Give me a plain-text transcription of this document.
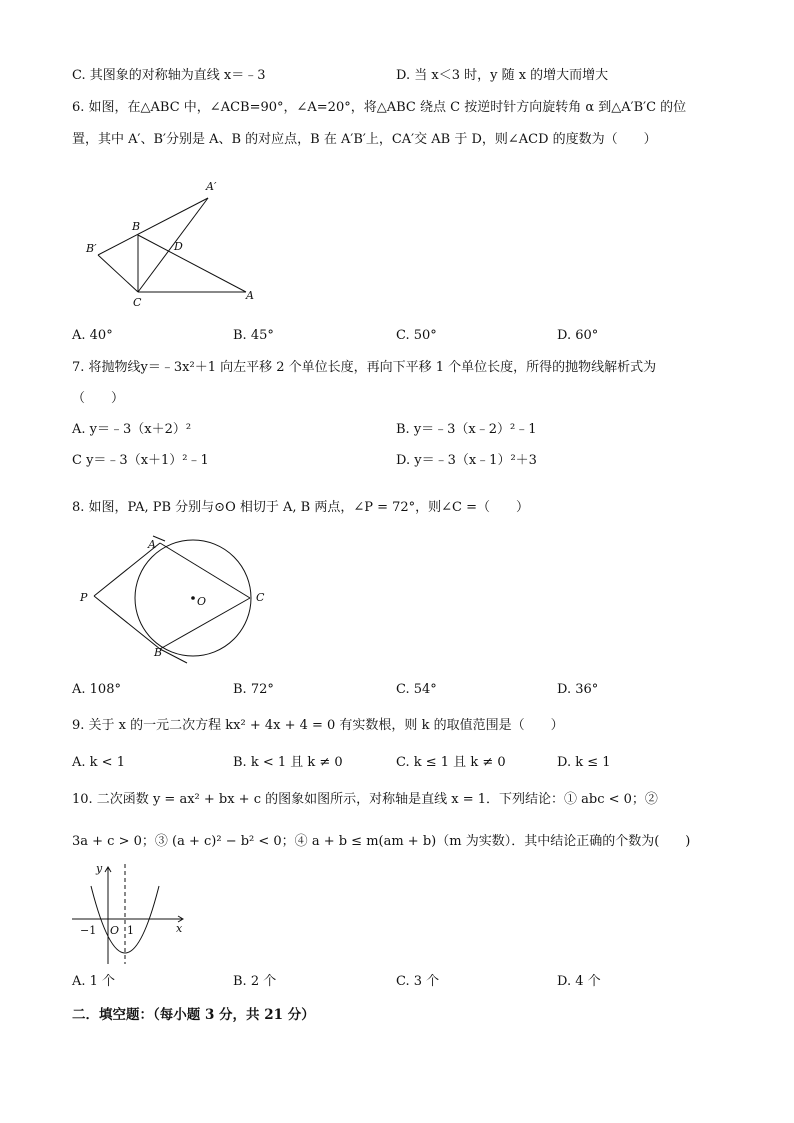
C. 其图象的对称轴为直线 x＝﹣3	D. 当 x＜3 时，y 随 x 的增大而增大
6. 如图，在△ABC 中，∠ACB=90°，∠A=20°，将△ABC 绕点 C 按逆时针方向旋转角 α 到△A′B′C 的位
置，其中 A′、B′分别是 A、B 的对应点，B 在 A′B′上，CA′交 AB 于 D，则∠ACD 的度数为（　　）
A′
B
B′	D
C
A
A. 40°	B. 45°	C. 50°	D. 60°
7. 将抛物线y＝﹣3x²＋1 向左平移 2 个单位长度，再向下平移 1 个单位长度，所得的抛物线解析式为
（　　）
A. y＝﹣3（x＋2）²	B. y＝﹣3（x﹣2）²﹣1
C y＝﹣3（x＋1）²﹣1	D. y＝﹣3（x﹣1）²＋3
8. 如图，PA, PB 分别与⊙O 相切于 A, B 两点，∠P = 72°，则∠C =（　　）
A
P	O	C
B
A. 108°	B. 72°	C. 54°	D. 36°
9. 关于 x 的一元二次方程 kx² + 4x + 4 = 0 有实数根，则 k 的取值范围是（　　）
A. k < 1	B. k < 1 且 k ≠ 0	C. k ≤ 1 且 k ≠ 0	D. k ≤ 1
10. 二次函数 y = ax² + bx + c 的图象如图所示，对称轴是直线 x = 1．下列结论：① abc < 0；②
3a + c > 0；③ (a + c)² − b² < 0；④ a + b ≤ m(am + b)（m 为实数）．其中结论正确的个数为(　　)
y
x
−1 O 1
A. 1 个	B. 2 个	C. 3 个	D. 4 个
二．填空题：（每小题 3 分，共 21 分）
